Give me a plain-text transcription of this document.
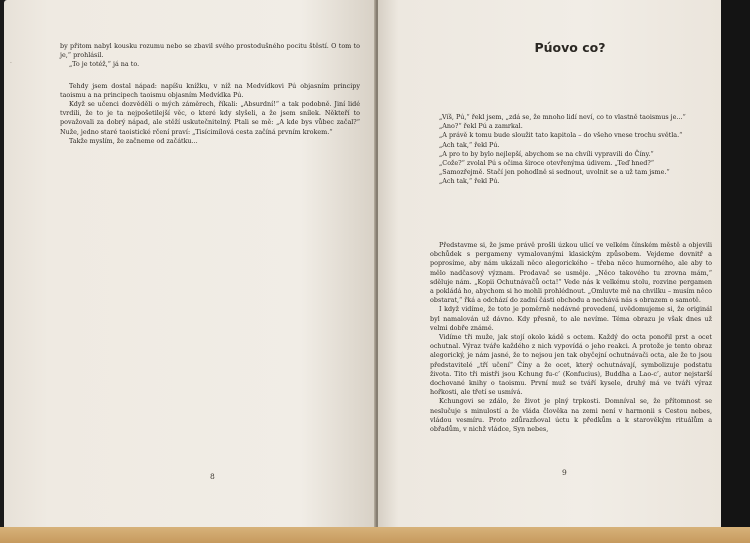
·

by přitom nabyl kousku rozumu nebo se zbavil svého prostodušného pocitu štěstí. O tom to je,“ prohlásil.

„To je totéž,“ já na to.

Tehdy jsem dostal nápad: napíšu knížku, v níž na Medvídkovi Pú objasním principy taoismu a na principech taoismu objasním Medvídka Pú.

Když se učenci dozvěděli o mých záměrech, říkali: „Absurdní!“ a tak podobně. Jiní lidé tvrdili, že to je ta nejpošetilejší věc, o které kdy slyšeli, a že jsem snílek. Někteří to považovali za dobrý nápad, ale stěží uskutečnitelný. Ptali se mě: „A kde bys vůbec začal?“ Nuže, jedno staré taoistické rčení praví: „Tisícimílová cesta začíná prvním krokem.“

Takže myslím, že začneme od začátku...

8
Púovo co?

„Víš, Pú,“ řekl jsem, „zdá se, že mnoho lidí neví, co to vlastně taoismus je...“

„Ano?“ řekl Pú a zamrkal.

„A právě k tomu bude sloužit tato kapitola – do všeho vnese trochu světla.“

„Ach tak,“ řekl Pú.

„A pro to by bylo nejlepší, abychom se na chvíli vypravili do Číny.“

„Cože?“ zvolal Pú s očima široce otevřenýma údivem. „Teď hned?“

„Samozřejmě. Stačí jen pohodlně si sednout, uvolnit se a už tam jsme.“

„Ach tak,“ řekl Pú.

Představme si, že jsme právě prošli úzkou ulicí ve velkém čínském městě a objevili obchůdek s pergameny vymalovanými klasickým způsobem. Vejdeme dovnitř a poprosíme, aby nám ukázali něco alegorického – třeba něco humorného, ale aby to mělo nadčasový význam. Prodavač se usměje. „Něco takového tu zrovna mám,“ sděluje nám. „Kopii Ochutnávačů octa!“ Vede nás k velkému stolu, rozvine pergamen a pokládá ho, abychom si ho mohli prohlédnout. „Omluvte mě na chvilku – musím něco obstarat,“ řká a odchází do zadní části obchodu a nechává nás s obrazem o samotě.

I když vidíme, že toto je poměrně nedávné provedení, uvědomujeme si, že originál byl namalován už dávno. Kdy přesně, to ale nevíme. Téma obrazu je však dnes už velmi dobře známé.

Vidíme tři muže, jak stojí okolo kádě s octem. Každý do octa ponořil prst a ocet ochutnal. Výraz tváře každého z nich vypovídá o jeho reakci. A protože je tento obraz alegorický, je nám jasné, že to nejsou jen tak obyčejní ochutnávači octa, ale že to jsou představitelé „tří učení“ Číny a že ocet, který ochutnávají, symbolizuje podstatu života. Tito tři mistři jsou Kchung fu-c’ (Konfucius), Buddha a Lao-c’, autor nejstarší dochované knihy o taoismu. První muž se tváří kysele, druhý má ve tváři výraz hořkosti, ale třetí se usmívá.

Kchungovi se zdálo, že život je plný trpkosti. Domníval se, že přítomnost se neslučuje s minulostí a že vláda člověka na zemi není v harmonii s Cestou nebes, vládou vesmíru. Proto zdůrazňoval úctu k předkům a k starověkým rituálům a obřadům, v nichž vládce, Syn nebes,

9
